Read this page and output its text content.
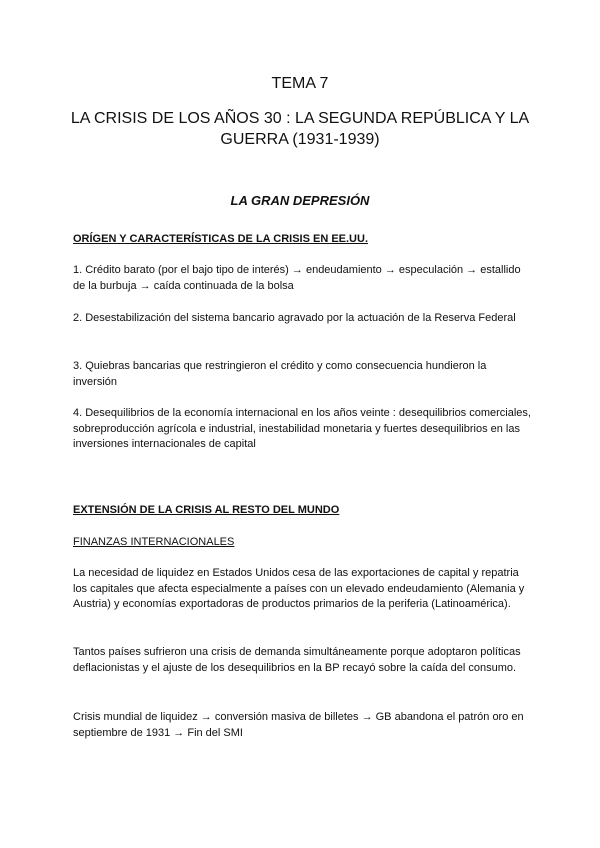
TEMA 7
LA CRISIS DE LOS AÑOS 30 : LA SEGUNDA REPÚBLICA Y LA GUERRA (1931-1939)
LA GRAN DEPRESIÓN
ORÍGEN Y CARACTERÍSTICAS DE LA CRISIS EN EE.UU.
1. Crédito barato (por el bajo tipo de interés) → endeudamiento → especulación → estallido de la burbuja → caída continuada de la bolsa
2. Desestabilización del sistema bancario agravado por la actuación de la Reserva Federal
3. Quiebras bancarias que restringieron el crédito y como consecuencia hundieron la inversión
4. Desequilibrios de la economía internacional en los años veinte : desequilibrios comerciales, sobreproducción agrícola e industrial, inestabilidad monetaria y fuertes desequilibrios en las inversiones internacionales de capital
EXTENSIÓN DE LA CRISIS AL RESTO DEL MUNDO
FINANZAS INTERNACIONALES
La necesidad de liquidez en Estados Unidos cesa de las exportaciones de capital y repatria los capitales que afecta especialmente a países con un elevado endeudamiento (Alemania y Austria) y economías exportadoras de productos primarios de la periferia (Latinoamérica).
Tantos países sufrieron una crisis de demanda simultáneamente porque adoptaron políticas deflacionistas y el ajuste de los desequilibrios en la BP recayó sobre la caída del consumo.
Crisis mundial de liquidez → conversión masiva de billetes → GB abandona el patrón oro en septiembre de 1931 → Fin del SMI
